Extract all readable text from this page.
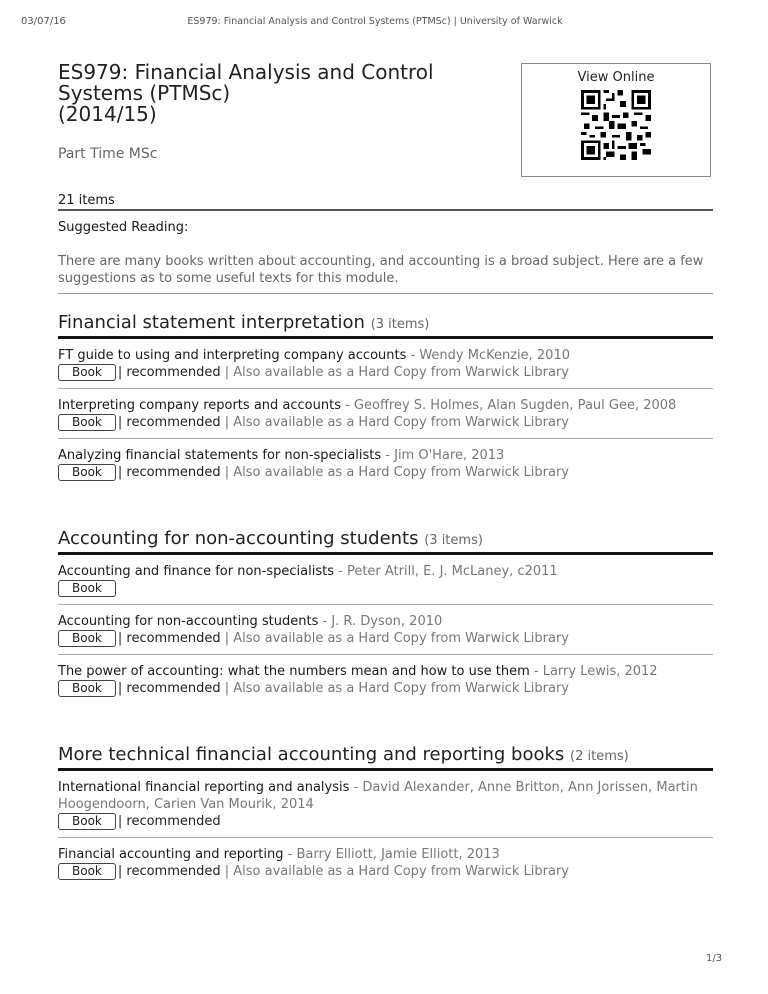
03/07/16	ES979: Financial Analysis and Control Systems (PTMSc) | University of Warwick
ES979: Financial Analysis and Control
Systems (PTMSc)
(2014/15)
Part Time MSc
View Online
21 items
Suggested Reading:
There are many books written about accounting, and accounting is a broad subject. Here are a few suggestions as to some useful texts for this module.
Financial statement interpretation (3 items)
FT guide to using and interpreting company accounts - Wendy McKenzie, 2010
Book | recommended | Also available as a Hard Copy from Warwick Library
Interpreting company reports and accounts - Geoffrey S. Holmes, Alan Sugden, Paul Gee, 2008
Book | recommended | Also available as a Hard Copy from Warwick Library
Analyzing financial statements for non-specialists - Jim O'Hare, 2013
Book | recommended | Also available as a Hard Copy from Warwick Library
Accounting for non-accounting students (3 items)
Accounting and finance for non-specialists - Peter Atrill, E. J. McLaney, c2011
Book
Accounting for non-accounting students - J. R. Dyson, 2010
Book | recommended | Also available as a Hard Copy from Warwick Library
The power of accounting: what the numbers mean and how to use them - Larry Lewis, 2012
Book | recommended | Also available as a Hard Copy from Warwick Library
More technical financial accounting and reporting books (2 items)
International financial reporting and analysis - David Alexander, Anne Britton, Ann Jorissen, Martin Hoogendoorn, Carien Van Mourik, 2014
Book | recommended
Financial accounting and reporting - Barry Elliott, Jamie Elliott, 2013
Book | recommended | Also available as a Hard Copy from Warwick Library
1/3
